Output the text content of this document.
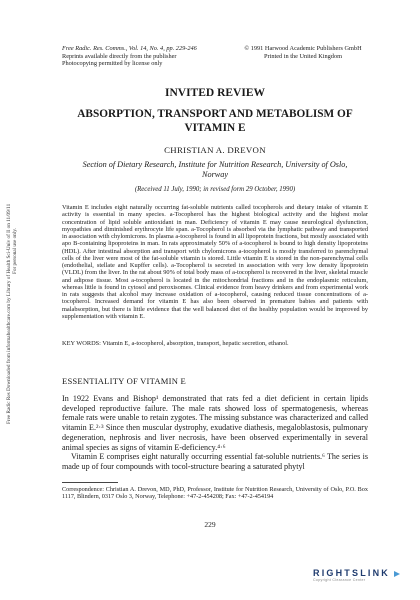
Free Radic. Res. Comms., Vol. 14, No. 4, pp. 229-246
Reprints available directly from the publisher
Photocopying permitted by license only
© 1991 Harwood Academic Publishers GmbH
Printed in the United Kingdom
Free Radic Res Downloaded from informahealthcare.com by Library of Health Sci-Univ of Il on 11/09/11 For personal use only.
INVITED REVIEW
ABSORPTION, TRANSPORT AND METABOLISM OF
VITAMIN E
CHRISTIAN A. DREVON
Section of Dietary Research, Institute for Nutrition Research, University of Oslo,
Norway
(Received 11 July, 1990; in revised form 29 October, 1990)
Vitamin E includes eight naturally occurring fat-soluble nutrients called tocopherols and dietary intake of vitamin E activity is essential in many species. a-Tocopherol has the highest biological activity and the highest molar concentration of lipid soluble antioxidant in man. Deficiency of vitamin E may cause neurological dysfunction, myopathies and diminished erythrocyte life span. a-Tocopherol is absorbed via the lymphatic pathway and transported in association with chylomicrons. In plasma a-tocopherol is found in all lipoprotein fractions, but mostly associated with apo B-containing lipoproteins in man. In rats approximately 50% of a-tocopherol is bound to high density lipoproteins (HDL). After intestinal absorption and transport with chylomicrons a-tocopherol is mostly transferred to parenchymal cells of the liver were most of the fat-soluble vitamin is stored. Little vitamin E is stored in the non-parenchymal cells (endothelial, stellate and Kupffer cells). a-Tocopherol is secreted in association with very low density lipoprotein (VLDL) from the liver. In the rat about 90% of total body mass of a-tocopherol is recovered in the liver, skeletal muscle and adipose tissue. Most a-tocopherol is located in the mitochondrial fractions and in the endoplasmic reticulum, whereas little is found in cytosol and peroxisomes. Clinical evidence from heavy drinkers and from experimental work in rats suggests that alcohol may increase oxidation of a-tocopherol, causing reduced tissue concentrations of a-tocopherol. Increased demand for vitamin E has also been observed in premature babies and patients with malabsorption, but there is little evidence that the well balanced diet of the healthy population would be improved by supplementation with vitamin E.
KEY WORDS: Vitamin E, a-tocopherol, absorption, transport, hepatic secretion, ethanol.
ESSENTIALITY OF VITAMIN E
In 1922 Evans and Bishop¹ demonstrated that rats fed a diet deficient in certain lipids developed reproductive failure. The male rats showed loss of spermatogenesis, whereas female rats were unable to retain zygotes. The missing substance was characterized and called vitamin E.²·³ Since then muscular dystrophy, exudative diathesis, megaloblastosis, pulmonary degeneration, nephrosis and liver necrosis, have been observed experimentally in several animal species as signs of vitamin E-deficiency.⁴·⁶
Vitamin E comprises eight naturally occurring essential fat-soluble nutrients.⁶ The series is made up of four compounds with tocol-structure bearing a saturated phytyl
Correspondence: Christian A. Drevon, MD, PhD, Professor, Institute for Nutrition Research, University of Oslo, P.O. Box 1117, Blindern, 0317 Oslo 3, Norway, Telephone: +47-2-454208; Fax: +47-2-454194
229
RIGHTSLINK
Copyright Clearance Center
